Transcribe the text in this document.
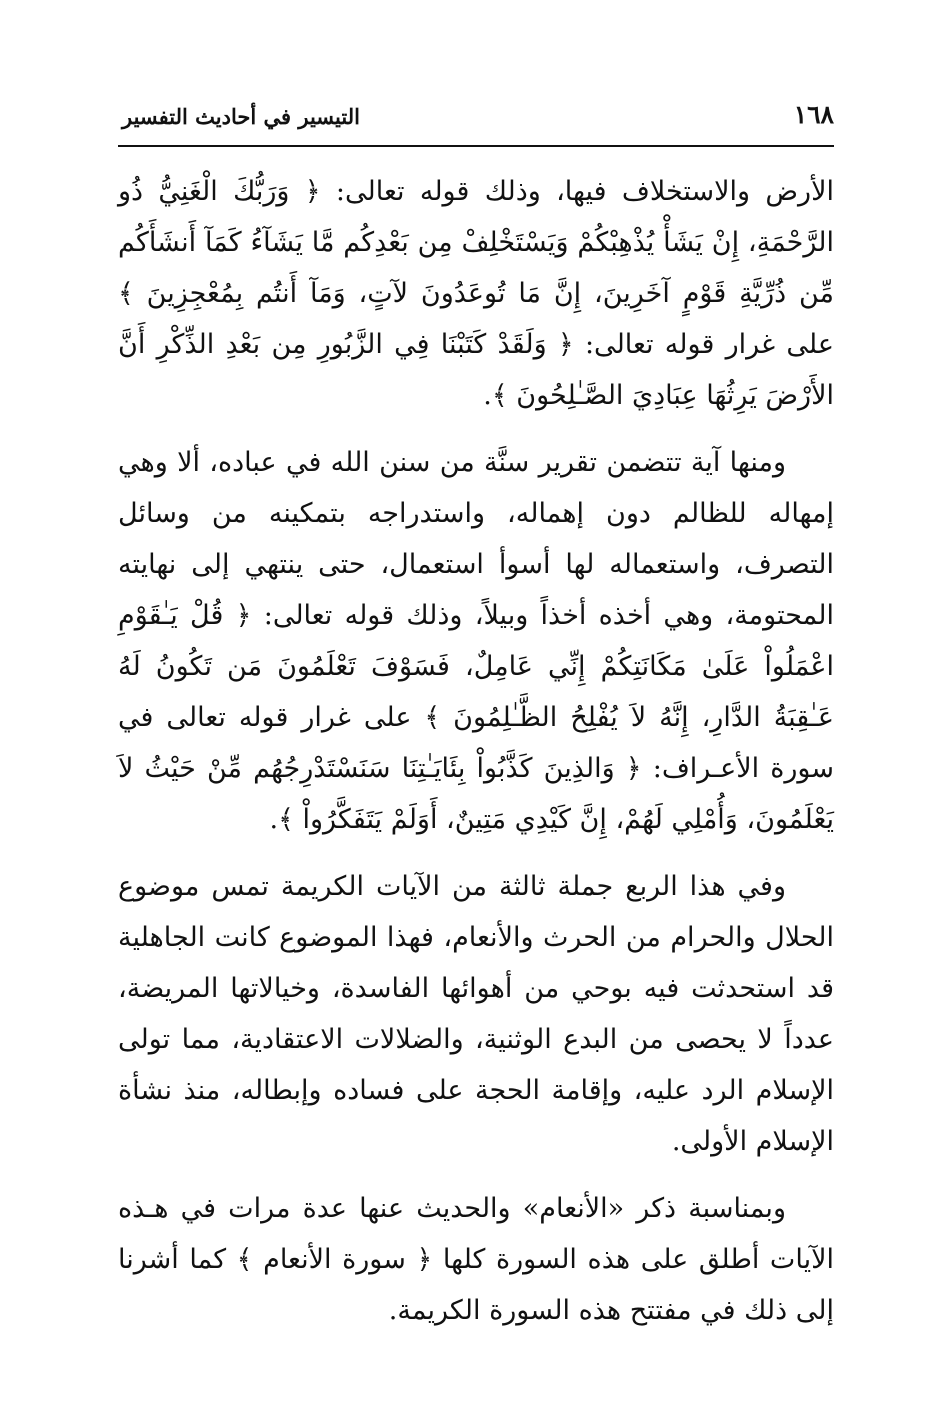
١٦٨
التيسير في أحاديث التفسير

الأرض والاستخلاف فيها، وذلك قوله تعالى: ﴿ وَرَبُّكَ الْغَنِيُّ ذُو الرَّحْمَةِ، إِنْ يَشَأْ يُذْهِبْكُمْ وَيَسْتَخْلِفْ مِن بَعْدِكُم مَّا يَشَآءُ كَمَآ أَنشَأَكُم مِّن ذُرِّيَّةِ قَوْمٍ آخَرِينَ، إِنَّ مَا تُوعَدُونَ لآتٍ، وَمَآ أَنتُم بِمُعْجِزِينَ ﴾ على غرار قوله تعالى: ﴿ وَلَقَدْ كَتَبْنَا فِي الزَّبُورِ مِن بَعْدِ الذِّكْرِ أَنَّ الأَرْضَ يَرِثُهَا عِبَادِيَ الصَّـٰلِحُونَ ﴾.

ومنها آية تتضمن تقرير سنَّة من سنن الله في عباده، ألا وهي إمهاله للظالم دون إهماله، واستدراجه بتمكينه من وسائل التصرف، واستعماله لها أسوأ استعمال، حتى ينتهي إلى نهايته المحتومة، وهي أخذه أخذاً وبيلاً، وذلك قوله تعالى: ﴿ قُلْ يَـٰقَوْمِ اعْمَلُواْ عَلَىٰ مَكَانَتِكُمْ إِنِّي عَامِلٌ، فَسَوْفَ تَعْلَمُونَ مَن تَكُونُ لَهُ عَـٰقِبَةُ الدَّارِ، إِنَّهُ لاَ يُفْلِحُ الظَّـٰلِمُونَ ﴾ على غرار قوله تعالى في سورة الأعـراف: ﴿ وَالذِينَ كَذَّبُواْ بِئَايَـٰتِنَا سَنَسْتَدْرِجُهُم مِّنْ حَيْثُ لاَ يَعْلَمُونَ، وَأُمْلِي لَهُمْ، إِنَّ كَيْدِي مَتِينٌ، أَوَلَمْ يَتَفَكَّرُواْ ﴾.

وفي هذا الربع جملة ثالثة من الآيات الكريمة تمس موضوع الحلال والحرام من الحرث والأنعام، فهذا الموضوع كانت الجاهلية قد استحدثت فيه بوحي من أهوائها الفاسدة، وخيالاتها المريضة، عدداً لا يحصى من البدع الوثنية، والضلالات الاعتقادية، مما تولى الإسلام الرد عليه، وإقامة الحجة على فساده وإبطاله، منذ نشأة الإسلام الأولى.

وبمناسبة ذكر «الأنعام» والحديث عنها عدة مرات في هـذه الآيات أطلق على هذه السورة كلها ﴿ سورة الأنعام ﴾ كما أشرنا إلى ذلك في مفتتح هذه السورة الكريمة.
